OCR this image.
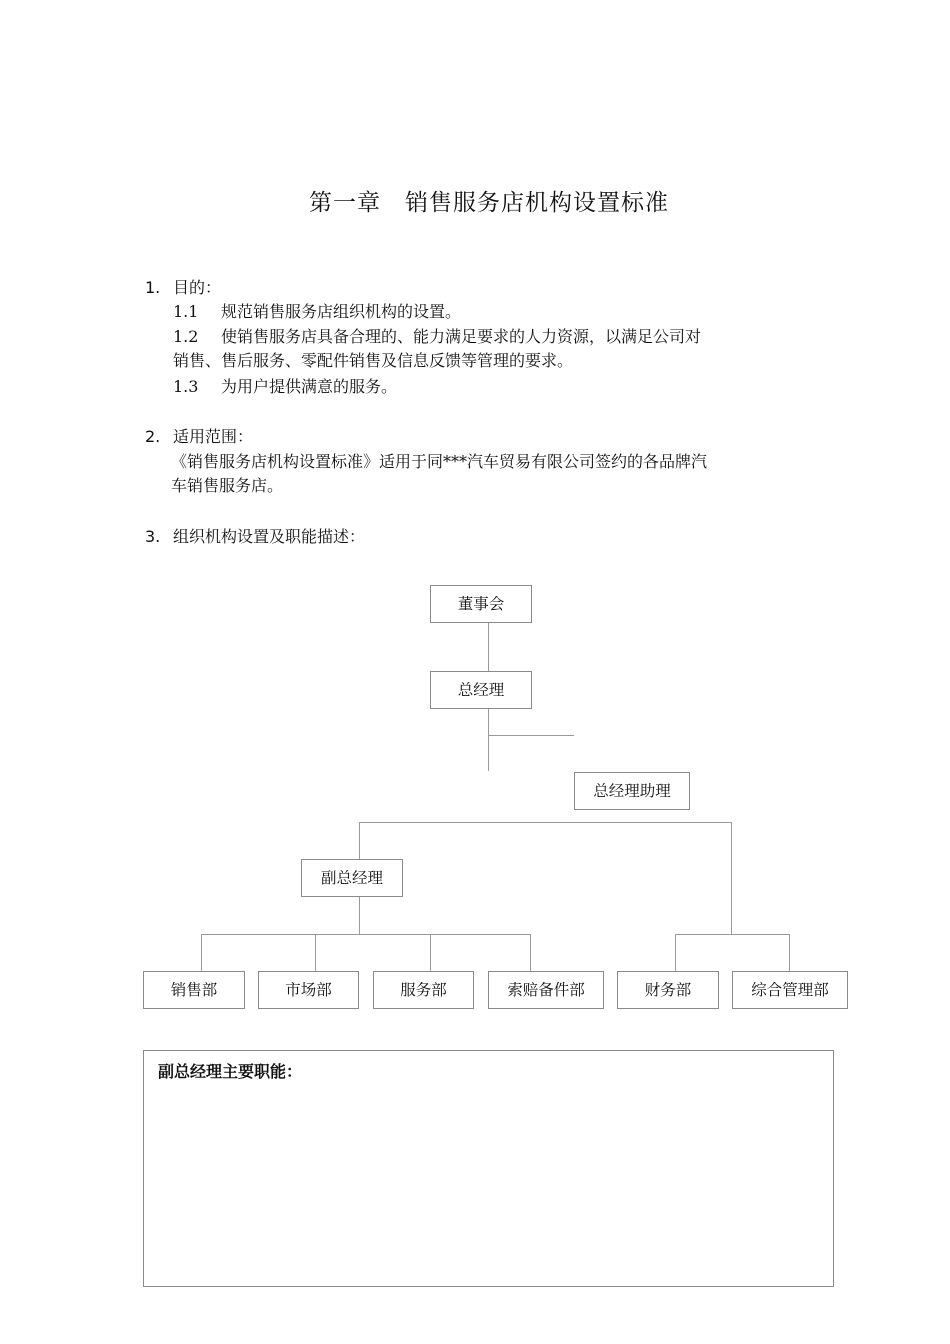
第一章　销售服务店机构设置标准
1. 目的：
1.1 规范销售服务店组织机构的设置。
1.2 使销售服务店具备合理的、能力满足要求的人力资源，以满足公司对
销售、售后服务、零配件销售及信息反馈等管理的要求。
1.3 为用户提供满意的服务。
2. 适用范围：
《销售服务店机构设置标准》适用于同***汽车贸易有限公司签约的各品牌汽
车销售服务店。
3. 组织机构设置及职能描述：
董事会
总经理
总经理助理
副总经理
销售部	市场部	服务部	索赔备件部	财务部	综合管理部
副总经理主要职能：
